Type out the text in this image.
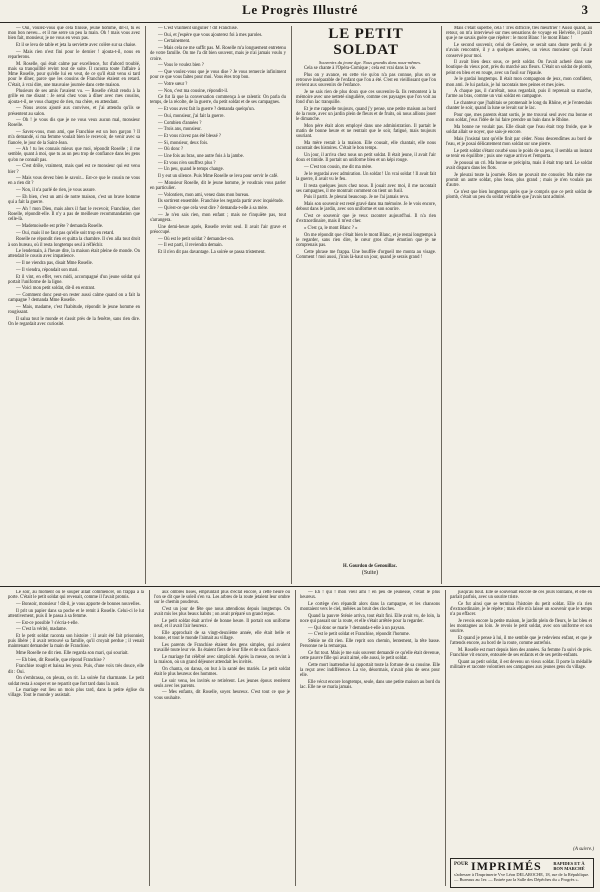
Le Progrès Illustré	3

— Oui, voulez-vous que cela finisse, jeune homme, dit-il, tu es mon bon neveu... et il me serre un peu la main. Oh ! mais vous avez bien fait, monsieur, je ne vous en veux pas.

Et il se leva de table et jeta la serviette avec colère sur sa chaise.

— Mais rien n'est fini pour le dernier ! ajouta-t-il, nous en reparlerons.

M. Roselle, qui était calme par excellence, fut d'abord troublé, mais sa tranquillité revint tout de suite. Il raconta toute l'affaire à Mme Roselle, pour qu'elle lui en veut, de ce qu'il était venu si tard pour le dîner, parce que les cousins de Franchise étaient en retard. C'était, à vrai dire, une mauvaise journée dans cette maison.

Plusieurs de ses amis l'avaient vu. — Roselle s'était rendu à la grille en me disant : Je serai chez vous à dîner avec mes cousins, ajouta-t-il, ne vous chargez de rien, ma chère, en attendant.

— Nous avons ajouté aux convives, et j'ai attendu qu'ils se présentent au salon.

— Oh ! je vous dis que je ne vous veux aucun mal, monsieur Roselle.

— Savez-vous, mon ami, que Franchise est un bon garçon ? Il m'a demandé, si ma femme voulait bien le recevoir, de venir avec sa fiancée, le jour de la Saint-Jean.

— Ah ! tu les connais mieux que moi, répondit Roselle ; il me semble, quant à moi, que tu as un peu trop de confiance dans les gens qu'on ne connaît pas.

— C'est drôle, vraiment, mais quel est ce monsieur qui est venu hier ?

— Mais vous devez bien le savoir... Est-ce que le cousin ne vous en a rien dit ?

— Non, il n'a parlé de rien, je vous assure.

— Eh bien, c'est un ami de notre maison, c'est un brave homme qui a fait la guerre.

— Ah ! mon Dieu, mais alors il faut le recevoir, Franchise, cher Roselle, répondit-elle. Il n'y a pas de meilleure recommandation que celle-là.

— Mademoiselle est prête ? demanda Roselle.

— Oui, mais il ne faut pas qu'elle soit trop en retard.

Roselle ne répondit rien et quitta la chambre. Il s'en alla tout droit à son bureau, où il resta longtemps seul à réfléchir.

Le lendemain, à l'heure dite, la maison était pleine de monde. On attendait le cousin avec impatience.

— Il ne viendra pas, disait Mme Roselle.

— Il viendra, répondait son mari.

Et il vint, en effet, vers midi, accompagné d'un jeune soldat qui portait l'uniforme de la ligne.

— Voici mon petit soldat, dit-il en entrant.

— Comment donc peut-on rester aussi calme quand on a fait la campagne ? demanda Mme Roselle.

— Mais, madame, c'est l'habitude, répondit le jeune homme en rougissant.

Il salua tout le monde et s'assit près de la fenêtre, sans rien dire. On le regardait avec curiosité.

— C'est vraiment singulier ! dit Franchise.

— Oui, et j'espère que vous ajouterez foi à mes paroles.

— Certainement.

— Mais cela ne me suffit pas. M. Roselle m'a longuement entretenu de votre famille. On me l'a dit bien souvent, mais je n'ai jamais voulu y croire.

— Vous le voulez bien ?

— Que voulez-vous que je vous dise ? Je vous remercie infiniment pour ce que vous faites pour moi. Vous êtes trop bon.

— Votre sœur ?

— Non, c'est ma cousine, répondit-il.

Ce fut là que la conversation commença à se ralentir. On parla du temps, de la récolte, de la guerre, du petit soldat et de ses campagnes.

— Et vous avez fait la guerre ? demanda quelqu'un.

— Oui, monsieur, j'ai fait la guerre.

— Combien d'années ?

— Trois ans, monsieur.

— Et vous n'avez pas été blessé ?

— Si, monsieur, deux fois.

— Où donc ?

— Une fois au bras, une autre fois à la jambe.

— Et vous n'en souffrez plus ?

— Un peu, quand le temps change.

Il y eut un silence. Puis Mme Roselle se leva pour servir le café.

— Monsieur Roselle, dit le jeune homme, je voudrais vous parler en particulier.

— Volontiers, mon ami, venez dans mon bureau.

Ils sortirent ensemble. Franchise les regarda partir avec inquiétude.

— Qu'est-ce que cela veut dire ? demanda-t-elle à sa mère.

— Je n'en sais rien, mon enfant ; mais ne t'inquiète pas, tout s'arrangera.

Une demi-heure après, Roselle revint seul. Il avait l'air grave et préoccupé.

— Où est le petit soldat ? demanda-t-on.

— Il est parti, il reviendra demain.

Et il n'en dit pas davantage. La soirée se passa tristement.

LE PETIT SOLDAT

Souvenirs du jeune âge. Nous grandis dans nous-mêmes.

Cela se chante à l'Opéra-Comique ; cela est vrai dans la vie.

Plus on y avance, en cette vie qu'on n'a pas connue, plus on se retrouve inséparable de l'enfant que l'on a été. C'est en vieillissant que l'on revient aux souvenirs de l'enfance.

Je ne sais rien de plus doux que ces souvenirs-là. Ils remontent à la mémoire avec une netteté singulière, comme ces paysages que l'on voit au fond d'un lac tranquille.

Et je me rappelle toujours, quand j'y pense, une petite maison au bord de la route, avec un jardin plein de fleurs et de fruits, où nous allions jouer le dimanche.

Mon père était alors employé dans une administration. Il partait le matin de bonne heure et ne rentrait que le soir, fatigué, mais toujours souriant.

Ma mère restait à la maison. Elle cousait, elle chantait, elle nous racontait des histoires. C'était le bon temps.

Un jour, il arriva chez nous un petit soldat. Il était jeune, il avait l'air doux et timide. Il portait un uniforme bleu et un képi rouge.

— C'est ton cousin, me dit ma mère.

Je le regardai avec admiration. Un soldat ! Un vrai soldat ! Il avait fait la guerre, il avait vu le feu.

Il resta quelques jours chez nous. Il jouait avec moi, il me racontait ses campagnes, il me montrait comment on tient un fusil.

Puis il partit. Je pleurai beaucoup. Je ne l'ai jamais revu.

Mais son souvenir est resté gravé dans ma mémoire. Je le vois encore, debout dans le jardin, avec son uniforme et son sourire.

C'est ce souvenir que je veux raconter aujourd'hui. Il n'a rien d'extraordinaire, mais il m'est cher.

« C'est ça, le mont Blanc ? »

On me répondit que c'était bien le mont Blanc, et je restai longtemps à le regarder, sans rien dire, le cœur gros d'une émotion que je ne comprenais pas.

Cette phrase me frappa. Une bouffée d'orgueil me monta au visage. Comment ! moi aussi, j'irais là-haut un jour, quand je serais grand !

Mais c'était superbe, cela ! Très difficile, très meurtrier ! Aussi quand, au retour, on m'a interviewé sur mes sensations de voyage en Helvétie, il paraît que je ne savais guère que répéter : le mont Blanc ! le mont Blanc !

Le second souvenir, celui de Genève, se serait sans doute perdu si je n'avais rencontré, il y a quelques années, un vieux monsieur qui l'avait conservé pour moi.

Il avait bien deux sous, ce petit soldat. On l'avait acheté dans une boutique du vieux port, près du marché aux fleurs. C'était un soldat de plomb, peint en bleu et en rouge, avec un fusil sur l'épaule.

Je le gardai longtemps. Il était mon compagnon de jeux, mon confident, mon ami. Je lui parlais, je lui racontais mes peines et mes joies.

À chaque pas, il s'arrêtait, nous regardait, puis il reprenait sa marche, l'arme au bras, comme un vrai soldat en campagne.

Le chanteur que j'habitais se promenait le long du Rhône, et je l'entendais chanter le soir, quand la lune se levait sur le lac.

Pour que, mes parents étant sortis, je me trouvai seul avec ma bonne et mon soldat, j'eus l'idée de lui faire prendre un bain dans le Rhône.

Ma bonne ne voulait pas. Elle disait que l'eau était trop froide, que le soldat allait se noyer, que sais-je encore.

Mais j'insistai tant qu'elle finit par céder. Nous descendîmes au bord de l'eau, et je posai délicatement mon soldat sur une pierre.

Le petit soldat s'étant courbé sous le poids de sa peur, il sembla un instant se tenir en équilibre ; puis une vague arriva et l'emporta.

Je poussai un cri. Ma bonne se précipita, mais il était trop tard. Le soldat avait disparu dans les flots.

Je pleurai toute la journée. Rien ne pouvait me consoler. Ma mère me promit un autre soldat, plus beau, plus grand ; mais je n'en voulais pas d'autre.

Ce n'est que bien longtemps après que je compris que ce petit soldat de plomb, c'était un peu du soldat véritable que j'avais tant admiré.

Le soir, au moment où le souper allait commencer, on frappa à la porte. C'était le petit soldat qui revenait, comme il l'avait promis.

— Bonsoir, monsieur ! dit-il, je vous apporte de bonnes nouvelles.

Il prit un papier dans sa poche et le remit à Roselle. Celui-ci le lut attentivement, puis il le passa à sa femme.

— Est-ce possible ? s'écria-t-elle.

— C'est la vérité, madame.

Et le petit soldat raconta son histoire : il avait été fait prisonnier, puis libéré ; il avait retrouvé sa famille, qu'il croyait perdue ; il venait maintenant demander la main de Franchise.

Mme Roselle ne dit rien. Elle regarda son mari, qui souriait.

— Eh bien, dit Roselle, que répond Franchise ?

Franchise rougit et baissa les yeux. Puis, d'une voix très douce, elle dit : Oui.

On s'embrassa, on pleura, on rit. La soirée fut charmante. Le petit soldat resta à souper et ne repartit que fort tard dans la nuit.

Le mariage eut lieu un mois plus tard, dans la petite église du village. Tout le monde y assistait.

aux ombres lisses, empruntait plus d'éclat encore, à cette heure où l'on se dit que le soleil s'en va. Les arbres de la route jetaient leur ombre sur le chemin poudreux.

C'est un jour de fête que nous attendions depuis longtemps. On avait mis les plus beaux habits ; on avait préparé un grand repas.

Le petit soldat était arrivé de bonne heure. Il portait son uniforme neuf, et il avait l'air heureux.

Elle approchait de sa vingt-deuxième année, elle était belle et bonne, et tout le monde l'aimait au village.

Les parents de Franchise étaient des gens simples, qui avaient travaillé toute leur vie. Ils étaient fiers de leur fille et de son fiancé.

Le mariage fut célébré avec simplicité. Après la messe, on revint à la maison, où un grand déjeuner attendait les invités.

On chanta, on dansa, on but à la santé des mariés. Le petit soldat était le plus heureux des hommes.

Le soir venu, les invités se retirèrent. Les jeunes époux restèrent seuls avec les parents.

— Mes enfants, dit Roselle, soyez heureux. C'est tout ce que je vous souhaite.

— Eh ! qui ! mon vieil ami ! en peu de jeunesse, c'était le plus heureux.

Le cortège s'en répandit alors dans la campagne, et les chansons montaient vers le ciel, mêlées au bruit des cloches.

Quand la pauvre Sténie arriva, tout était fini. Elle avait vu, de loin, la noce qui passait sur la route, et elle s'était arrêtée pour la regarder.

— Qui donc se marie ? demanda-t-elle à un paysan.

— C'est le petit soldat et Franchise, répondit l'homme.

Sténie ne dit rien. Elle reprit son chemin, lentement, la tête basse. Personne ne la remarqua.

Ce fut tout. Mais je me suis souvent demandé ce qu'elle était devenue, cette pauvre fille qui avait aimé, elle aussi, le petit soldat.

Cette mort inattendue lui apportait toute la fortune de sa cousine. Elle la reçut avec indifférence. La vie, désormais, n'avait plus de sens pour elle.

Elle vécut encore longtemps, seule, dans une petite maison au bord du lac. Elle ne se maria jamais.

jusqu'au bout. Elle se souvenait encore de ces jours lointains, et elle en parlait parfois, avec un sourire triste.

Ce fut ainsi que se termina l'histoire du petit soldat. Elle n'a rien d'extraordinaire, je le répète ; mais elle m'a laissé un souvenir que le temps n'a pu effacer.

Je revois encore la petite maison, le jardin plein de fleurs, le lac bleu et les montagnes au loin. Je revois le petit soldat, avec son uniforme et son sourire.

Et quand je pense à lui, il me semble que je redeviens enfant, et que je l'attends encore, au bord de la route, comme autrefois.

M. Roselle est mort depuis bien des années. Sa femme l'a suivi de près. Franchise vit encore, entourée de ses enfants et de ses petits-enfants.

Quant au petit soldat, il est devenu un vieux soldat. Il porte la médaille militaire et raconte volontiers ses campagnes aux jeunes gens du village.

H. Gourdon de Genouillac.

(Suite)

(A suivre.)
POUR IMPRIMÉS	RAPIDES ET À BON MARCHÉ
s'adresser à l'Imprimerie Vve Léon DELAROCHE, 18, rue de la République. — Bureaux au 1er. — Entrée par la Salle des Dépêches du « Progrès ».
